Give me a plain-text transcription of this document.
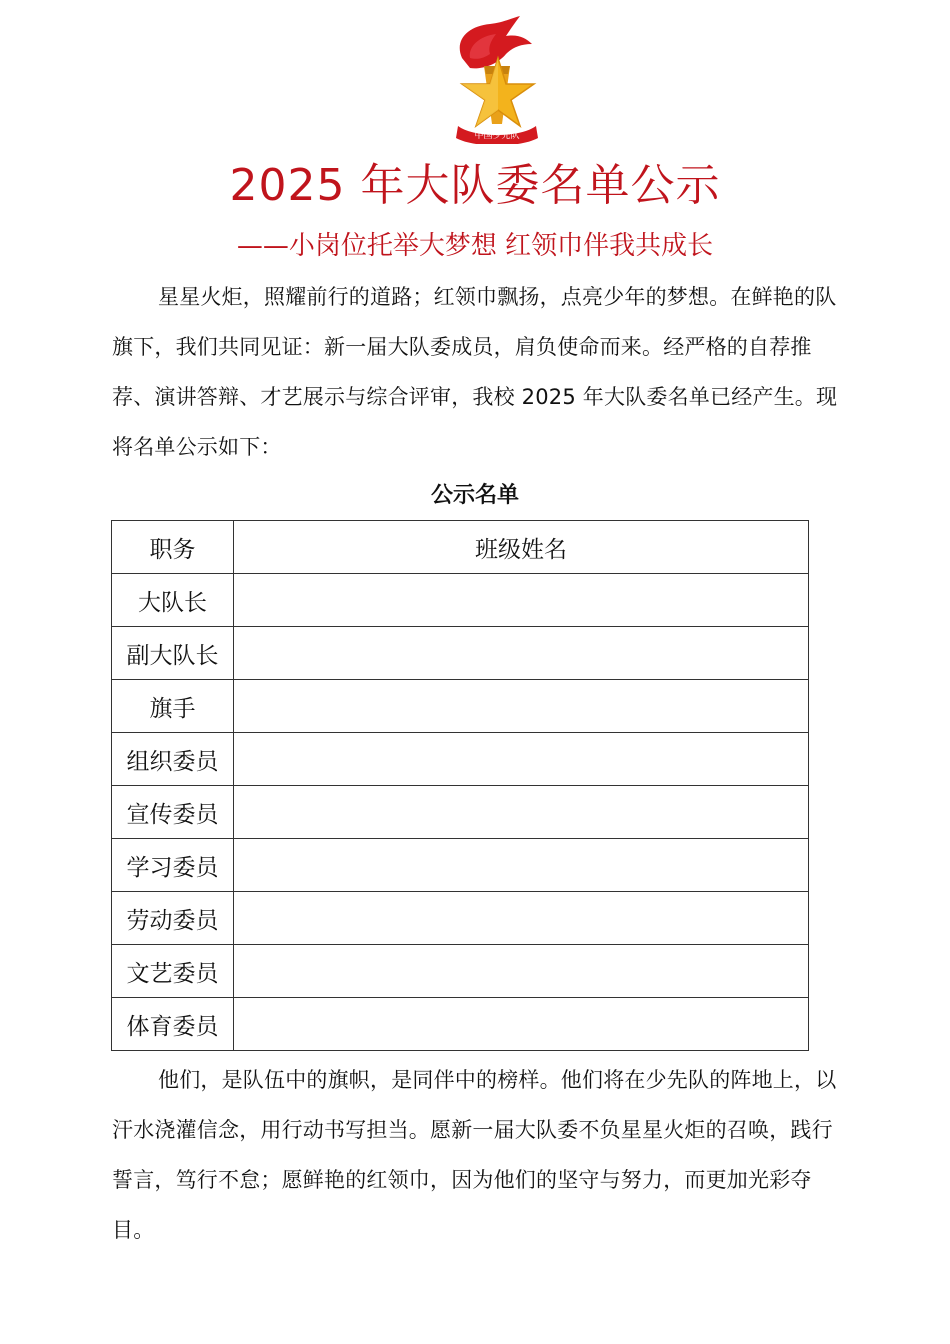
中国少先队
2025 年大队委名单公示
——小岗位托举大梦想 红领巾伴我共成长

星星火炬，照耀前行的道路；红领巾飘扬，点亮少年的梦想。在鲜艳的队旗下，我们共同见证：新一届大队委成员，肩负使命而来。经严格的自荐推荐、演讲答辩、才艺展示与综合评审，我校 2025 年大队委名单已经产生。现将名单公示如下：

公示名单
职务	班级姓名
大队长	
副大队长	
旗手	
组织委员	
宣传委员	
学习委员	
劳动委员	
文艺委员	
体育委员	

他们，是队伍中的旗帜，是同伴中的榜样。他们将在少先队的阵地上，以汗水浇灌信念，用行动书写担当。愿新一届大队委不负星星火炬的召唤，践行誓言，笃行不怠；愿鲜艳的红领巾，因为他们的坚守与努力，而更加光彩夺目。
